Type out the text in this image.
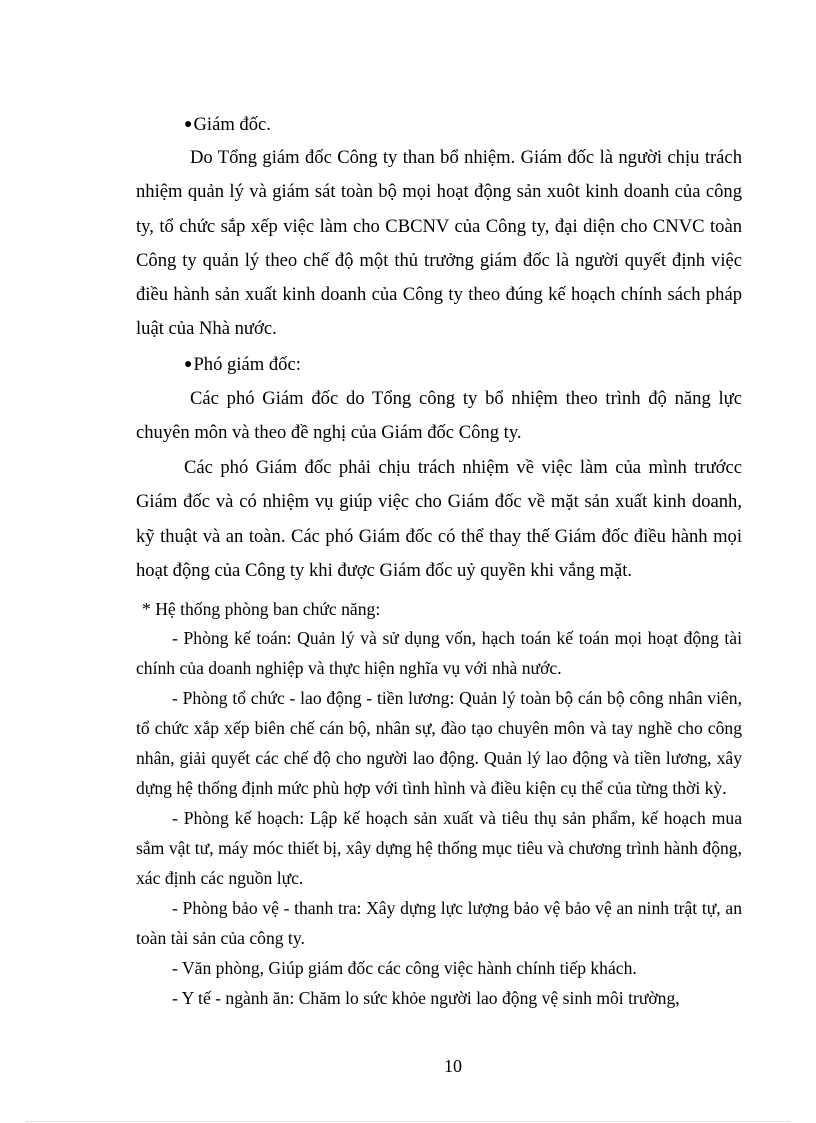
●Giám đốc.

Do Tổng giám đốc Công ty than bổ nhiệm. Giám đốc là người chịu trách nhiệm quản lý và giám sát toàn bộ mọi hoạt động sản xuôt kinh doanh của công ty, tổ chức sắp xếp việc làm cho CBCNV của Công ty, đại diện cho CNVC toàn Công ty quản lý theo chế độ một thủ trưởng giám đốc là người quyết định việc điều hành sản xuất kinh doanh của Công ty theo đúng kế hoạch chính sách pháp luật của Nhà nước.

●Phó giám đốc:

Các phó Giám đốc do Tổng công ty bổ nhiệm theo trình độ năng lực chuyên môn và theo đề nghị của Giám đốc Công ty.

Các phó Giám đốc phải chịu trách nhiệm về việc làm của mình trướcc Giám đốc và có nhiệm vụ giúp việc cho Giám đốc về mặt sản xuất kinh doanh, kỹ thuật và an toàn. Các phó Giám đốc có thể thay thế Giám đốc điều hành mọi hoạt động của Công ty khi được Giám đốc uỷ quyền khi vắng mặt.

* Hệ thống phòng ban chức năng:

- Phòng kế toán: Quản lý và sử dụng vốn, hạch toán kế toán mọi hoạt động tài chính của doanh nghiệp và thực hiện nghĩa vụ với nhà nước.

- Phòng tổ chức - lao động - tiền lương: Quản lý toàn bộ cán bộ công nhân viên, tổ chức xắp xếp biên chế cán bộ, nhân sự, đào tạo chuyên môn và tay nghề cho công nhân, giải quyết các chế độ cho người lao động. Quản lý lao động và tiền lương, xây dựng hệ thống định mức phù hợp với tình hình và điều kiện cụ thể của từng thời kỳ.

- Phòng kế hoạch: Lập kế hoạch sản xuất và tiêu thụ sản phẩm, kế hoạch mua sắm vật tư, máy móc thiết bị, xây dựng hệ thống mục tiêu và chương trình hành động, xác định các nguồn lực.

- Phòng bảo vệ - thanh tra: Xây dựng lực lượng bảo vệ bảo vệ an ninh trật tự, an toàn tài sản của công ty.

- Văn phòng, Giúp giám đốc các công việc hành chính tiếp khách.

- Y tế - ngành ăn: Chăm lo sức khỏe người lao động vệ sinh môi trường,

10
